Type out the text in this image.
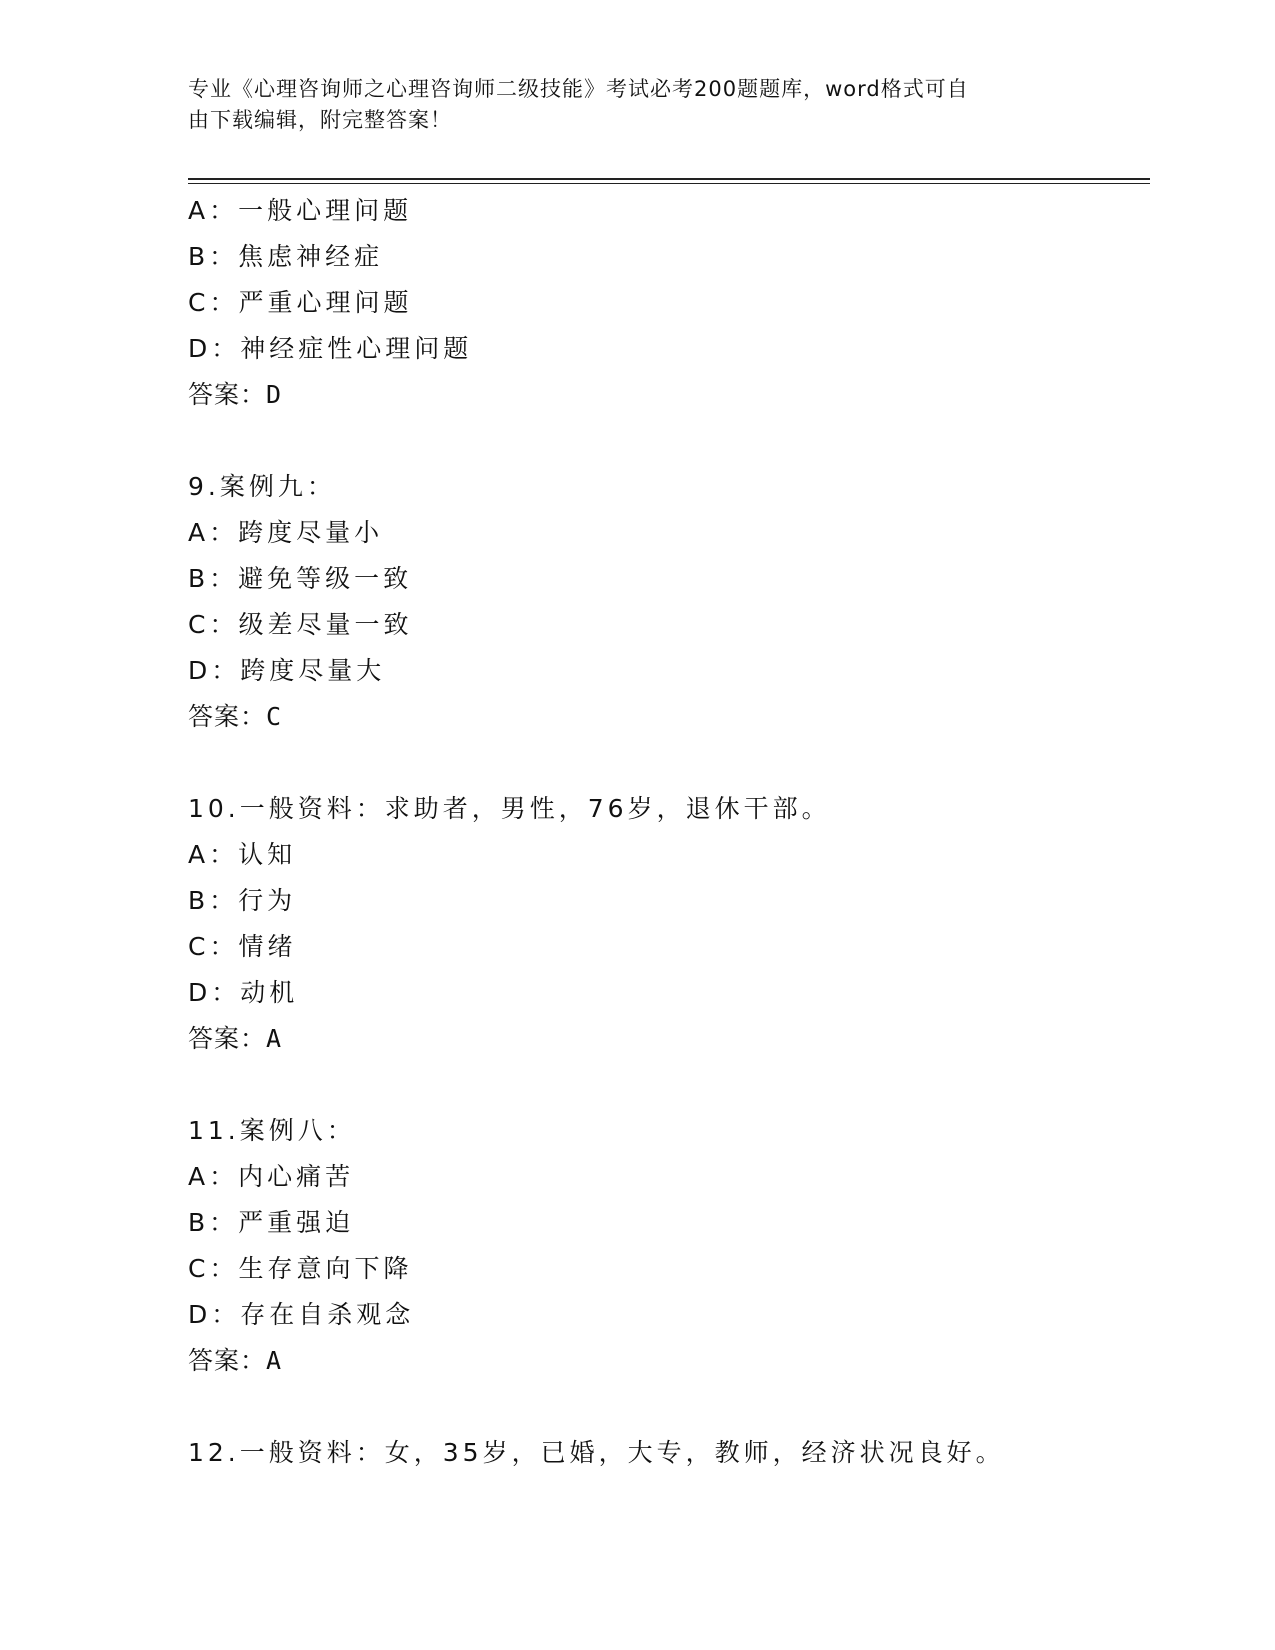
专业《心理咨询师之心理咨询师二级技能》考试必考200题题库，word格式可自
由下载编辑，附完整答案！
A：一般心理问题
B：焦虑神经症
C：严重心理问题
D：神经症性心理问题
答案：D
9.案例九：
A：跨度尽量小
B：避免等级一致
C：级差尽量一致
D：跨度尽量大
答案：C
10.一般资料：求助者，男性，76岁，退休干部。
A：认知
B：行为
C：情绪
D：动机
答案：A
11.案例八：
A：内心痛苦
B：严重强迫
C：生存意向下降
D：存在自杀观念
答案：A
12.一般资料：女，35岁，已婚，大专，教师，经济状况良好。
